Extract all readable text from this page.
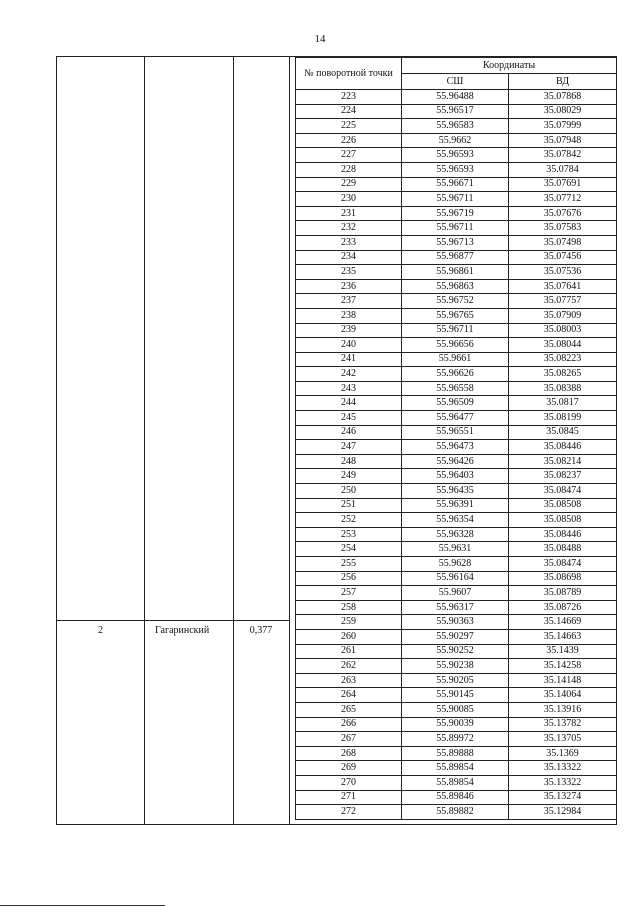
14
2	Гагаринский	0,377
№ поворотной точки	Координаты	
	СШ	ВД
223	55.96488	35.07868
224	55.96517	35.08029
225	55.96583	35.07999
226	55.9662	35.07948
227	55.96593	35.07842
228	55.96593	35.0784
229	55.96671	35.07691
230	55.96711	35.07712
231	55.96719	35.07676
232	55.96711	35.07583
233	55.96713	35.07498
234	55.96877	35.07456
235	55.96861	35.07536
236	55.96863	35.07641
237	55.96752	35.07757
238	55.96765	35.07909
239	55.96711	35.08003
240	55.96656	35.08044
241	55.9661	35.08223
242	55.96626	35.08265
243	55.96558	35.08388
244	55.96509	35.0817
245	55.96477	35.08199
246	55.96551	35.0845
247	55.96473	35.08446
248	55.96426	35.08214
249	55.96403	35.08237
250	55.96435	35.08474
251	55.96391	35.08508
252	55.96354	35.08508
253	55.96328	35.08446
254	55.9631	35.08488
255	55.9628	35.08474
256	55.96164	35.08698
257	55.9607	35.08789
258	55.96317	35.08726
259	55.90363	35.14669
260	55.90297	35.14663
261	55.90252	35.1439
262	55.90238	35.14258
263	55.90205	35.14148
264	55.90145	35.14064
265	55.90085	35.13916
266	55.90039	35.13782
267	55.89972	35.13705
268	55.89888	35.1369
269	55.89854	35.13322
270	55.89854	35.13322
271	55.89846	35.13274
272	55.89882	35.12984
